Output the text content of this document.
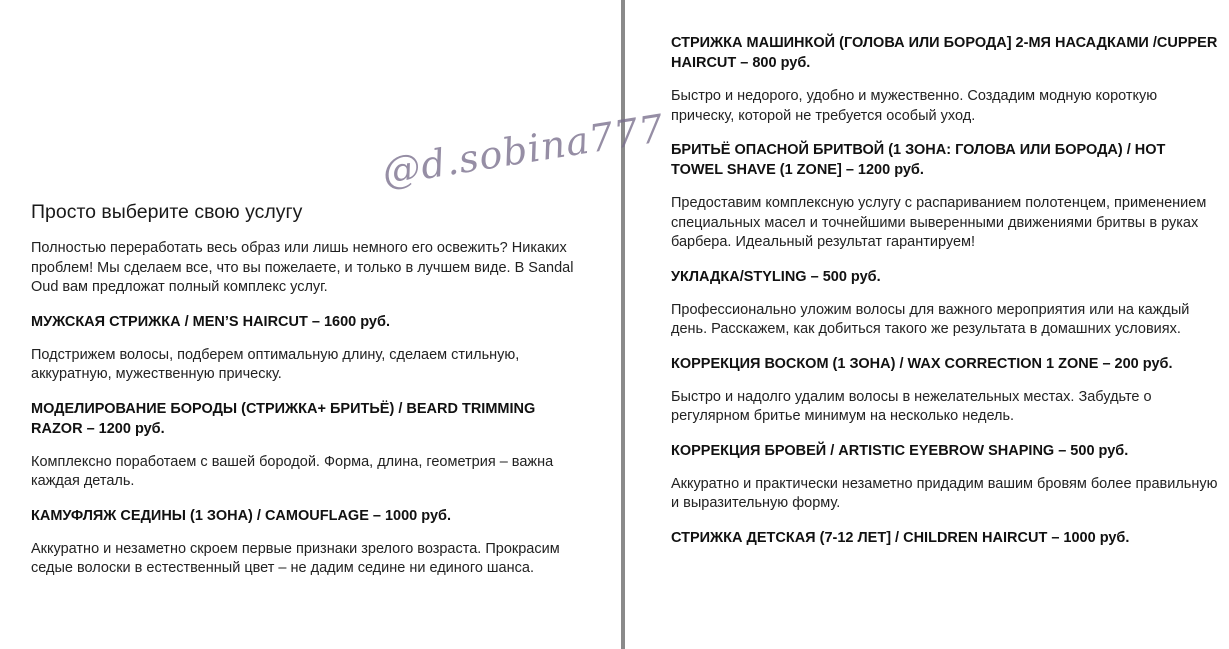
Просто выберите свою услугу

Полностью переработать весь образ или лишь немного его освежить? Никаких проблем! Мы сделаем все, что вы пожелаете, и только в лучшем виде. В Sandal Oud вам предложат полный комплекс услуг.

МУЖСКАЯ СТРИЖКА / MEN’S HAIRCUT – 1600 руб.

Подстрижем волосы, подберем оптимальную длину, сделаем стильную, аккуратную, мужественную прическу.

МОДЕЛИРОВАНИЕ БОРОДЫ (СТРИЖКА+ БРИТЬЁ) / BEARD TRIMMING RAZOR – 1200 руб.

Комплексно поработаем с вашей бородой. Форма, длина, геометрия – важна каждая деталь.

КАМУФЛЯЖ СЕДИНЫ (1 ЗОНА) / CAMOUFLAGE – 1000 руб.

Аккуратно и незаметно скроем первые признаки зрелого возраста. Прокрасим седые волоски в естественный цвет – не дадим седине ни единого шанса.

СТРИЖКА МАШИНКОЙ (ГОЛОВА ИЛИ БОРОДА] 2-МЯ НАСАДКАМИ /CUPPER HAIRCUT – 800 руб.

Быстро и недорого, удобно и мужественно. Создадим модную короткую прическу, которой не требуется особый уход.

БРИТЬЁ ОПАСНОЙ БРИТВОЙ (1 ЗОНА: ГОЛОВА ИЛИ БОРОДА) / HOT TOWEL SHAVE (1 ZONE] – 1200 руб.

Предоставим комплексную услугу с распариванием полотенцем, применением специальных масел и точнейшими выверенными движениями бритвы в руках барбера. Идеальный результат гарантируем!

УКЛАДКА/STYLING – 500 руб.

Профессионально уложим волосы для важного мероприятия или на каждый день. Расскажем, как добиться такого же результата в домашних условиях.

КОРРЕКЦИЯ ВОСКОМ (1 ЗОНА) / WAX CORRECTION 1 ZONE – 200 руб.

Быстро и надолго удалим волосы в нежелательных местах. Забудьте о регулярном бритье минимум на несколько недель.

КОРРЕКЦИЯ БРОВЕЙ / ARTISTIC EYEBROW SHAPING – 500 руб.

Аккуратно и практически незаметно придадим вашим бровям более правильную и выразительную форму.

СТРИЖКА ДЕТСКАЯ (7-12 ЛЕТ] / CHILDREN HAIRCUT – 1000 руб.
@d.sobina777
